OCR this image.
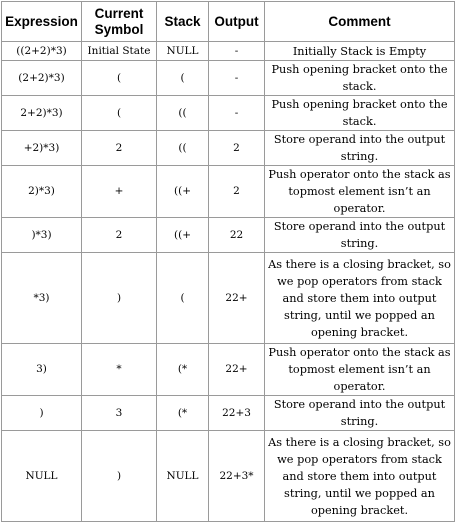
Expression	Current Symbol	Stack	Output	Comment
((2+2)*3)	Initial State	NULL	-	Initially Stack is Empty
(2+2)*3)	(	(	-	Push opening bracket onto the stack.
2+2)*3)	(	((	-	Push opening bracket onto the stack.
+2)*3)	2	((	2	Store operand into the output string.
2)*3)	+	((+	2	Push operator onto the stack as topmost element isn’t an operator.
)*3)	2	((+	22	Store operand into the output string.
*3)	)	(	22+	As there is a closing bracket, so we pop operators from stack and store them into output string, until we popped an opening bracket.
3)	*	(*	22+	Push operator onto the stack as topmost element isn’t an operator.
)	3	(*	22+3	Store operand into the output string.
NULL	)	NULL	22+3*	As there is a closing bracket, so we pop operators from stack and store them into output string, until we popped an opening bracket.
